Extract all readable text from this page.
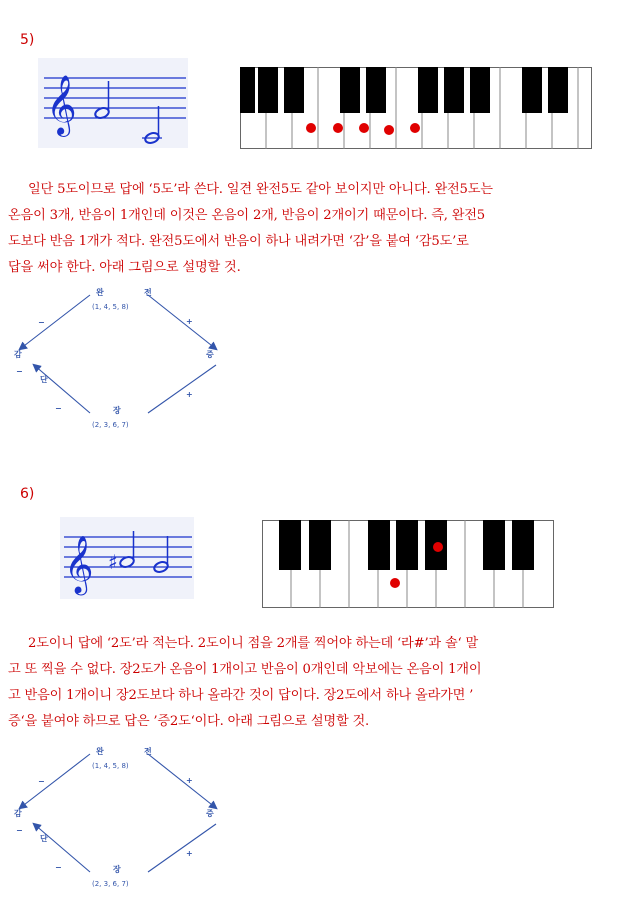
5)
𝄞

일단 5도이므로 답에 ‘5도’라 쓴다. 일견 완전5도 같아 보이지만 아니다. 완전5도는

온음이 3개, 반음이 1개인데 이것은 온음이 2개, 반음이 2개이기 때문이다. 즉, 완전5

도보다 반음 1개가 적다. 완전5도에서 반음이 하나 내려가면 ‘감’을 붙여 ‘감5도’로

답을 써야 한다. 아래 그림으로 설명할 것.

완	전
(1, 4, 5, 8)
감	증
단
장
(2, 3, 6, 7)
−	+
−
+
−
6)
𝄞 ♯

2도이니 답에 ‘2도’라 적는다. 2도이니 점을 2개를 찍어야 하는데 ‘라#’과 솔‘ 말

고 또 찍을 수 없다. 장2도가 온음이 1개이고 반음이 0개인데 악보에는 온음이 1개이

고 반음이 1개이니 장2도보다 하나 올라간 것이 답이다. 장2도에서 하나 올라가면 ’

증‘을 붙여야 하므로 답은 ’증2도‘이다. 아래 그림으로 설명할 것.

완	전
(1, 4, 5, 8)
감	증
단
장
(2, 3, 6, 7)
−	+
−
+
−
